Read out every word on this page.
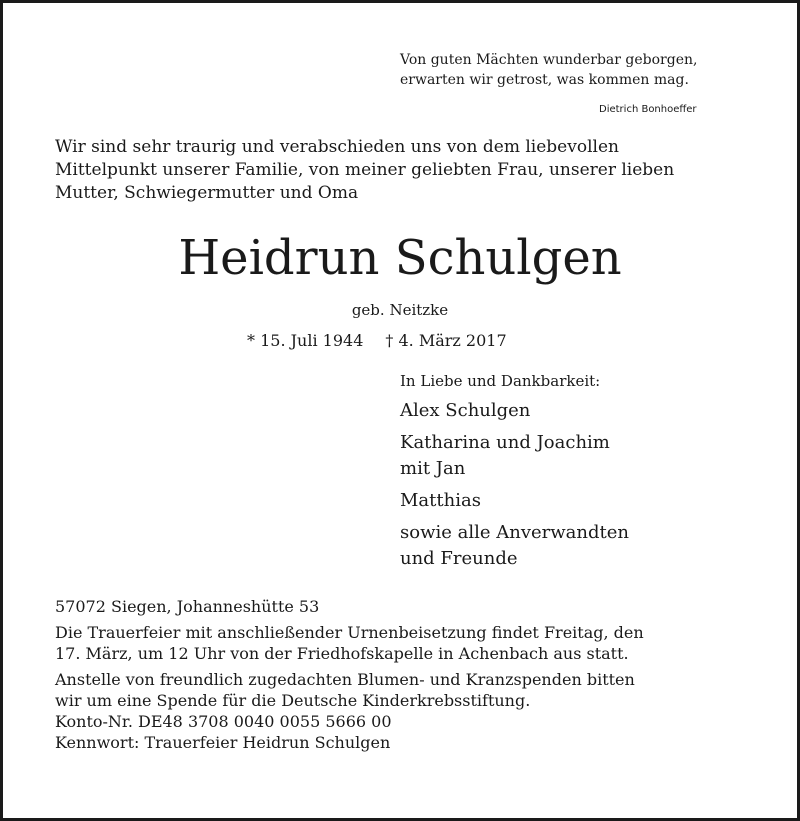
Von guten Mächten wunderbar geborgen,
erwarten wir getrost, was kommen mag.
Dietrich Bonhoeffer
Wir sind sehr traurig und verabschieden uns von dem liebevollen
Mittelpunkt unserer Familie, von meiner geliebten Frau, unserer lieben
Mutter, Schwiegermutter und Oma
Heidrun Schulgen
geb. Neitzke
* 15. Juli 1944 † 4. März 2017
In Liebe und Dankbarkeit:
Alex Schulgen
Katharina und Joachim
mit Jan
Matthias
sowie alle Anverwandten
und Freunde
57072 Siegen, Johanneshütte 53
Die Trauerfeier mit anschließender Urnenbeisetzung findet Freitag, den
17. März, um 12 Uhr von der Friedhofskapelle in Achenbach aus statt.
Anstelle von freundlich zugedachten Blumen- und Kranzspenden bitten
wir um eine Spende für die Deutsche Kinderkrebsstiftung.
Konto-Nr. DE48 3708 0040 0055 5666 00
Kennwort: Trauerfeier Heidrun Schulgen
